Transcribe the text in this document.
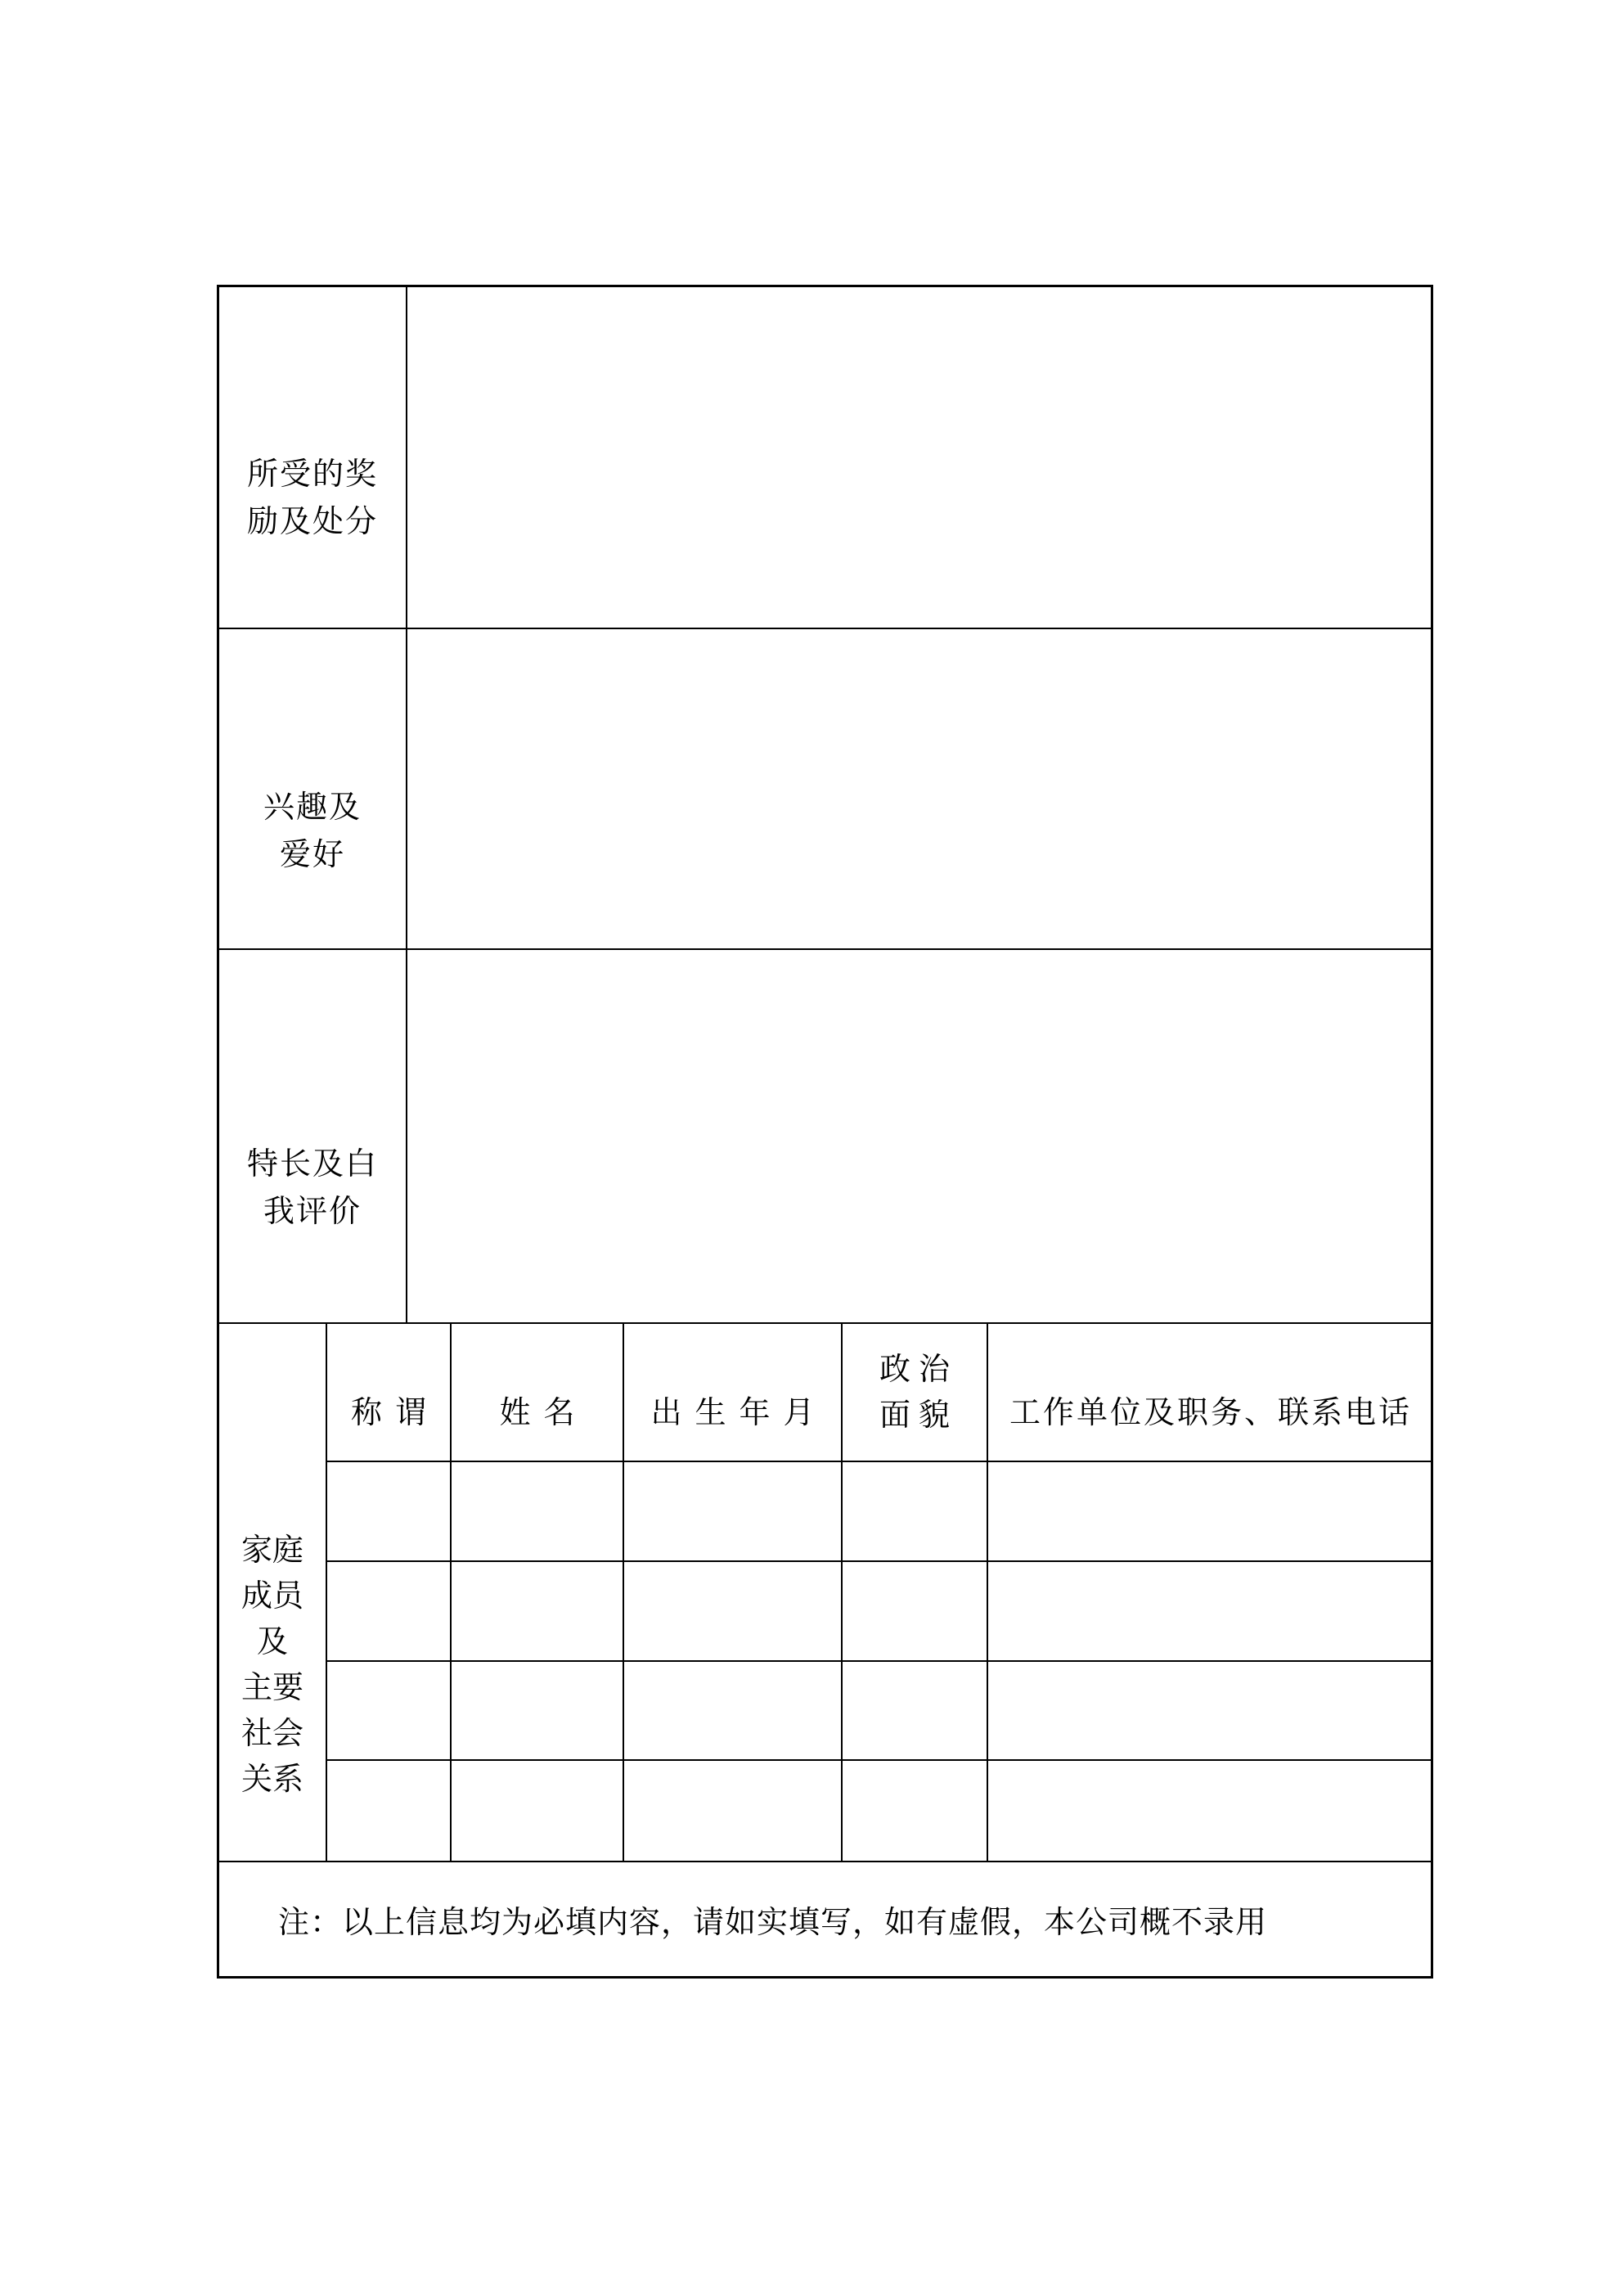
所受的奖
励及处分
兴趣及
爱好
特长及白
我评价
家庭
成员
及
主要
社会
关系
称谓 姓名 出生年月
政治
面貌 工作单位及职务、联系电话
注：以上信息均为必填内容，请如实填写，如有虚假，本公司概不录用
